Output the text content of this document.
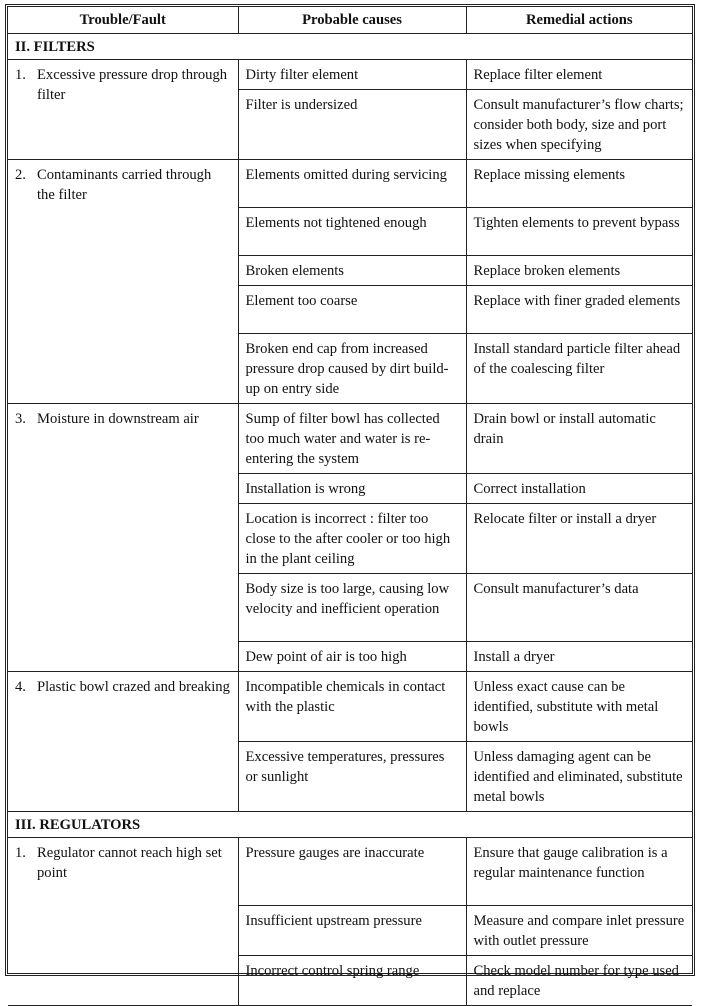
Trouble/Fault	Probable causes	Remedial actions
II. FILTERS		

1. Excessive pressure drop through filter	Dirty filter element	Replace filter element
	Filter is undersized	Consult manufacturer’s flow charts; consider both body, size and port sizes when specifying

2. Contaminants carried through the filter	Elements omitted during servicing	Replace missing elements
	Elements not tightened enough	Tighten elements to prevent bypass
	Broken elements	Replace broken elements
	Element too coarse	Replace with finer graded elements
	Broken end cap from increased pressure drop caused by dirt build-up on entry side	Install standard particle filter ahead of the coalescing filter

3. Moisture in downstream air	Sump of filter bowl has collected too much water and water is re-entering the system	Drain bowl or install automatic drain
	Installation is wrong	Correct installation
	Location is incorrect : filter too close to the after cooler or too high in the plant ceiling	Relocate filter or install a dryer
	Body size is too large, causing low velocity and inefficient operation	Consult manufacturer’s data
	Dew point of air is too high	Install a dryer

4. Plastic bowl crazed and breaking	Incompatible chemicals in contact with the plastic	Unless exact cause can be identified, substitute with metal bowls
	Excessive temperatures, pressures or sunlight	Unless damaging agent can be identified and eliminated, substitute metal bowls
III. REGULATORS		

1. Regulator cannot reach high set point	Pressure gauges are inaccurate	Ensure that gauge calibration is a regular maintenance function
	Insufficient upstream pressure	Measure and compare inlet pressure with outlet pressure
	Incorrect control spring range	Check model number for type used and replace
